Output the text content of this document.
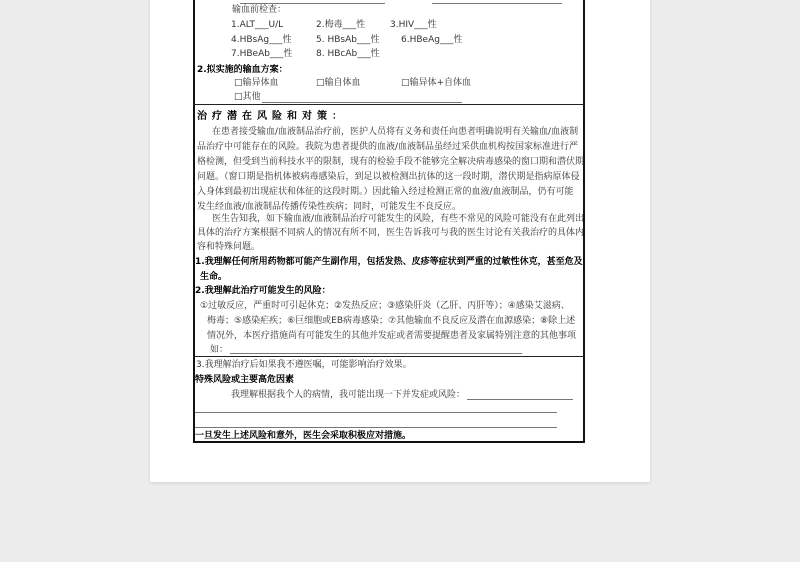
输血前检查：
1.ALT___U/L	2.梅毒___性	3.HIV___性
4.HBsAg___性	5. HBsAb___性 6.HBeAg___性
7.HBeAb___性	8. HBcAb___性
2.拟实施的输血方案：
□输异体血	□输自体血	□输异体+自体血
□其他
治疗潜在风险和对策：
在患者接受输血/血液制品治疗前，医护人员将有义务和责任向患者明确说明有关输血/血液制
品治疗中可能存在的风险。我院为患者提供的血液/血液制品虽经过采供血机构按国家标准进行严
格检测，但受到当前科技水平的限制，现有的检验手段不能够完全解决病毒感染的窗口期和潜伏期
问题。（窗口期是指机体被病毒感染后，到足以被检测出抗体的这一段时期，潜伏期是指病原体侵
入身体到最初出现症状和体征的这段时期。）因此输入经过检测正常的血液/血液制品，仍有可能
发生经血液/血液制品传播传染性疾病；同时，可能发生不良反应。
医生告知我，如下输血液/血液制品治疗可能发生的风险，有些不常见的风险可能没有在此列出
具体的治疗方案根据不同病人的情况有所不同，医生告诉我可与我的医生讨论有关我治疗的具体内
容和特殊问题。
1.我理解任何所用药物都可能产生副作用，包括发热、皮疹等症状到严重的过敏性休克，甚至危及
生命。
2.我理解此治疗可能发生的风险：
①过敏反应，严重时可引起休克；②发热反应；③感染肝炎（乙肝、丙肝等）；④感染艾滋病、
梅毒；⑤感染疟疾；⑥巨细胞或EB病毒感染；⑦其他输血不良反应及潜在血源感染；⑧除上述
情况外，本医疗措施尚有可能发生的其他并发症或者需要提醒患者及家属特别注意的其他事项
如：
3.我理解治疗后如果我不遵医嘱，可能影响治疗效果。
特殊风险或主要高危因素
我理解根据我个人的病情，我可能出现一下并发症或风险：
一旦发生上述风险和意外，医生会采取积极应对措施。
